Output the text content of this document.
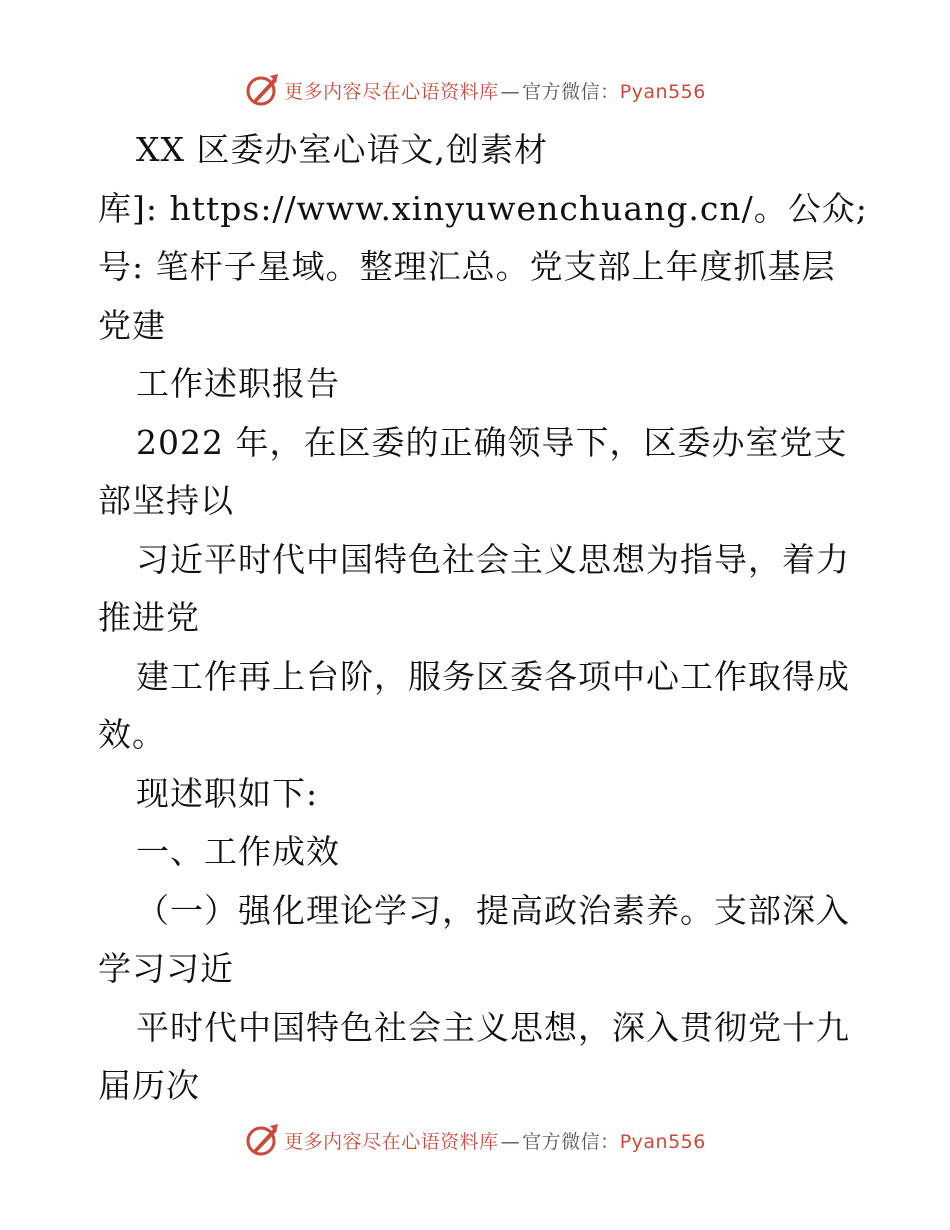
更多内容尽在心语资料库 — 官方微信：Pyan556
XX 区委办室心语文,创素材
库]: https://www.xinyuwenchuang.cn/。公众;
号: 笔杆子星域。整理汇总。党支部上年度抓基层
党建
工作述职报告
2022 年，在区委的正确领导下，区委办室党支
部坚持以
习近平时代中国特色社会主义思想为指导，着力
推进党
建工作再上台阶，服务区委各项中心工作取得成
效。
现述职如下:
一、工作成效
（一）强化理论学习，提高政治素养。支部深入
学习习近
平时代中国特色社会主义思想，深入贯彻党十九
届历次
更多内容尽在心语资料库 — 官方微信：Pyan556
